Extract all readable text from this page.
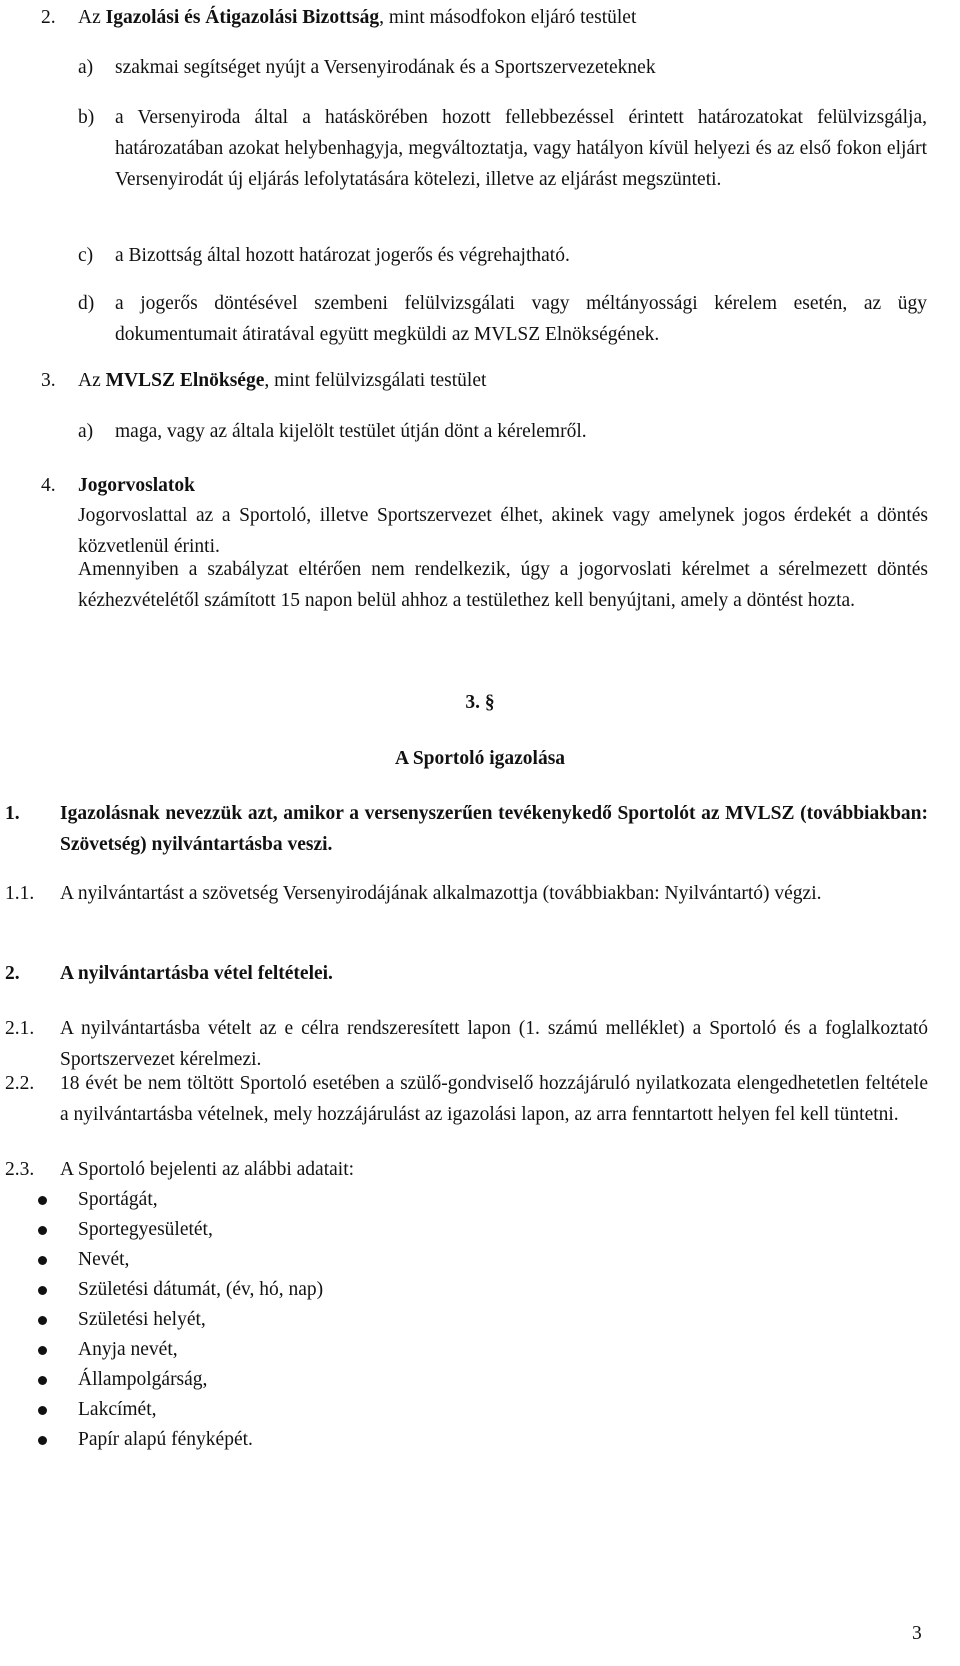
2. Az Igazolási és Átigazolási Bizottság, mint másodfokon eljáró testület
a) szakmai segítséget nyújt a Versenyirodának és a Sportszervezeteknek
b) a Versenyiroda által a hatáskörében hozott fellebbezéssel érintett határozatokat felülvizsgálja, határozatában azokat helybenhagyja, megváltoztatja, vagy hatályon kívül helyezi és az első fokon eljárt Versenyirodát új eljárás lefolytatására kötelezi, illetve az eljárást megszünteti.
c) a Bizottság által hozott határozat jogerős és végrehajtható.
d) a jogerős döntésével szembeni felülvizsgálati vagy méltányossági kérelem esetén, az ügy dokumentumait átiratával együtt megküldi az MVLSZ Elnökségének.
3. Az MVLSZ Elnöksége, mint felülvizsgálati testület
a) maga, vagy az általa kijelölt testület útján dönt a kérelemről.
4. Jogorvoslatok
Jogorvoslattal az a Sportoló, illetve Sportszervezet élhet, akinek vagy amelynek jogos érdekét a döntés közvetlenül érinti.
Amennyiben a szabályzat eltérően nem rendelkezik, úgy a jogorvoslati kérelmet a sérelmezett döntés kézhezvételétől számított 15 napon belül ahhoz a testülethez kell benyújtani, amely a döntést hozta.
3. §
A Sportoló igazolása
1. Igazolásnak nevezzük azt, amikor a versenyszerűen tevékenykedő Sportolót az MVLSZ (továbbiakban: Szövetség) nyilvántartásba veszi.
1.1. A nyilvántartást a szövetség Versenyirodájának alkalmazottja (továbbiakban: Nyilvántartó) végzi.
2. A nyilvántartásba vétel feltételei.
2.1. A nyilvántartásba vételt az e célra rendszeresített lapon (1. számú melléklet) a Sportoló és a foglalkoztató Sportszervezet kérelmezi.
2.2. 18 évét be nem töltött Sportoló esetében a szülő-gondviselő hozzájáruló nyilatkozata elengedhetetlen feltétele a nyilvántartásba vételnek, mely hozzájárulást az igazolási lapon, az arra fenntartott helyen fel kell tüntetni.
2.3. A Sportoló bejelenti az alábbi adatait:
Sportágát,
Sportegyesületét,
Nevét,
Születési dátumát, (év, hó, nap)
Születési helyét,
Anyja nevét,
Állampolgárság,
Lakcímét,
Papír alapú fényképét.
3
